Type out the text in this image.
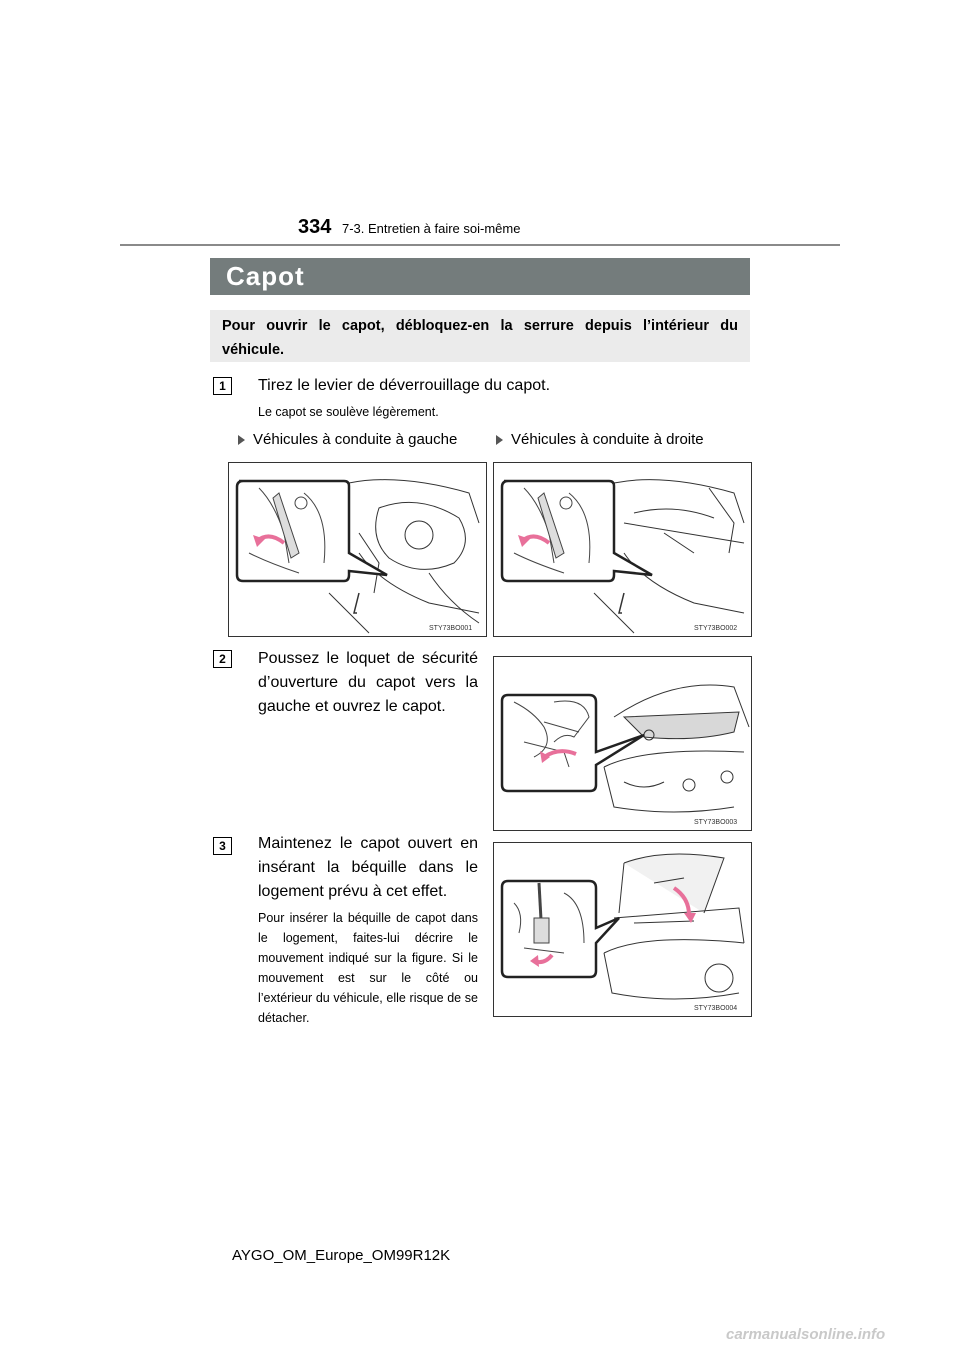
334 7-3. Entretien à faire soi-même
Capot
Pour ouvrir le capot, débloquez-en la serrure depuis l’intérieur du véhicule.
1	Tirez le levier de déverrouillage du capot.
Le capot se soulève légèrement.
Véhicules à conduite à gauche	Véhicules à conduite à droite
STY73BO001	STY73BO002
2	Poussez le loquet de sécurité d’ouverture du capot vers la gauche et ouvrez le capot.
STY73BO003
3	Maintenez le capot ouvert en insérant la béquille dans le logement prévu à cet effet.
Pour insérer la béquille de capot dans le logement, faites-lui décrire le mouvement indiqué sur la figure. Si le mouvement est sur le côté ou l’extérieur du véhicule, elle risque de se détacher.
STY73BO004
AYGO_OM_Europe_OM99R12K
carmanualsonline.info
